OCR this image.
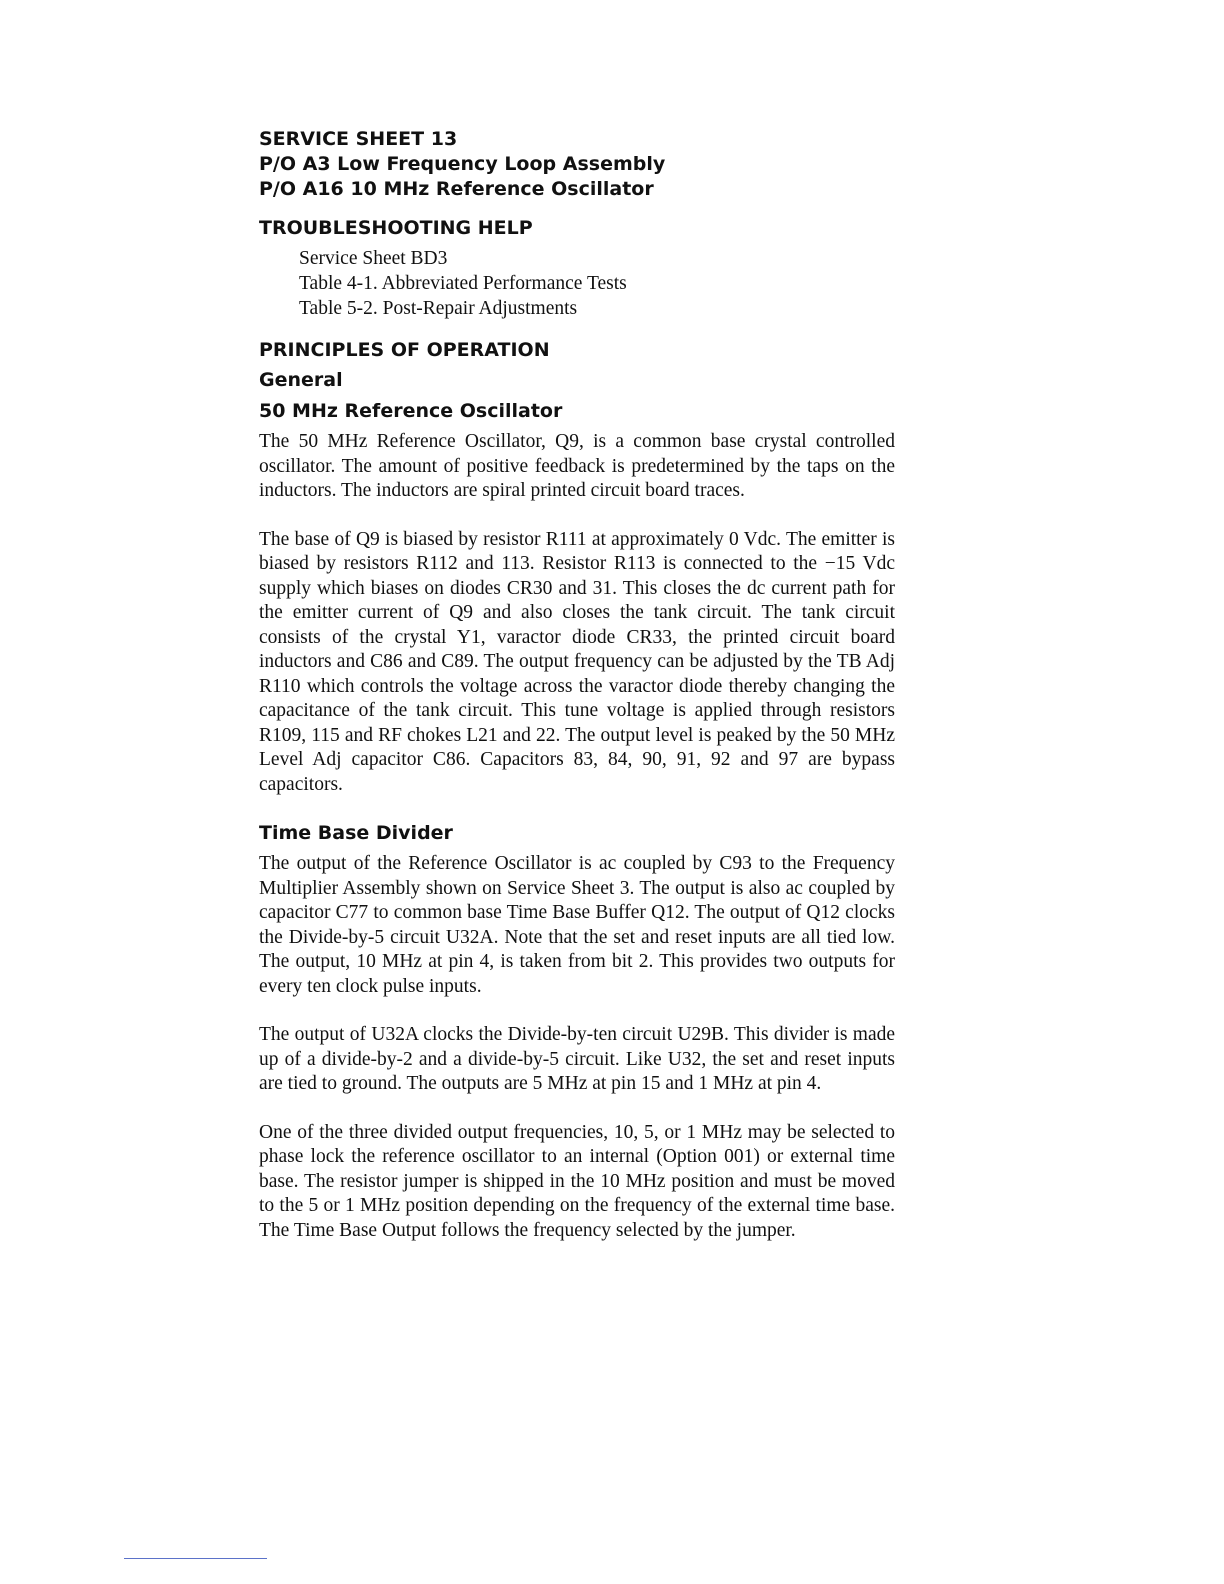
SERVICE SHEET 13
P/O A3 Low Frequency Loop Assembly
P/O A16 10 MHz Reference Oscillator
TROUBLESHOOTING HELP
Service Sheet BD3
Table 4-1. Abbreviated Performance Tests
Table 5-2. Post-Repair Adjustments
PRINCIPLES OF OPERATION
General
50 MHz Reference Oscillator

The 50 MHz Reference Oscillator, Q9, is a common base crystal controlled oscillator. The amount of positive feedback is predetermined by the taps on the inductors. The inductors are spiral printed circuit board traces.

The base of Q9 is biased by resistor R111 at approximately 0 Vdc. The emitter is biased by resistors R112 and 113. Resistor R113 is connected to the −15 Vdc supply which biases on diodes CR30 and 31. This closes the dc current path for the emitter current of Q9 and also closes the tank circuit. The tank circuit consists of the crystal Y1, varactor diode CR33, the printed circuit board inductors and C86 and C89. The output frequency can be adjusted by the TB Adj R110 which controls the voltage across the varactor diode thereby changing the capacitance of the tank circuit. This tune voltage is applied through resistors R109, 115 and RF chokes L21 and 22. The output level is peaked by the 50 MHz Level Adj capacitor C86. Capacitors 83, 84, 90, 91, 92 and 97 are bypass capacitors.

Time Base Divider

The output of the Reference Oscillator is ac coupled by C93 to the Frequency Multiplier Assembly shown on Service Sheet 3. The output is also ac coupled by capacitor C77 to common base Time Base Buffer Q12. The output of Q12 clocks the Divide-by-5 circuit U32A. Note that the set and reset inputs are all tied low. The output, 10 MHz at pin 4, is taken from bit 2. This provides two outputs for every ten clock pulse inputs.

The output of U32A clocks the Divide-by-ten circuit U29B. This divider is made up of a divide-by-2 and a divide-by-5 circuit. Like U32, the set and reset inputs are tied to ground. The outputs are 5 MHz at pin 15 and 1 MHz at pin 4.

One of the three divided output frequencies, 10, 5, or 1 MHz may be selected to phase lock the reference oscillator to an internal (Option 001) or external time base. The resistor jumper is shipped in the 10 MHz position and must be moved to the 5 or 1 MHz position depending on the frequency of the external time base. The Time Base Output follows the frequency selected by the jumper.
